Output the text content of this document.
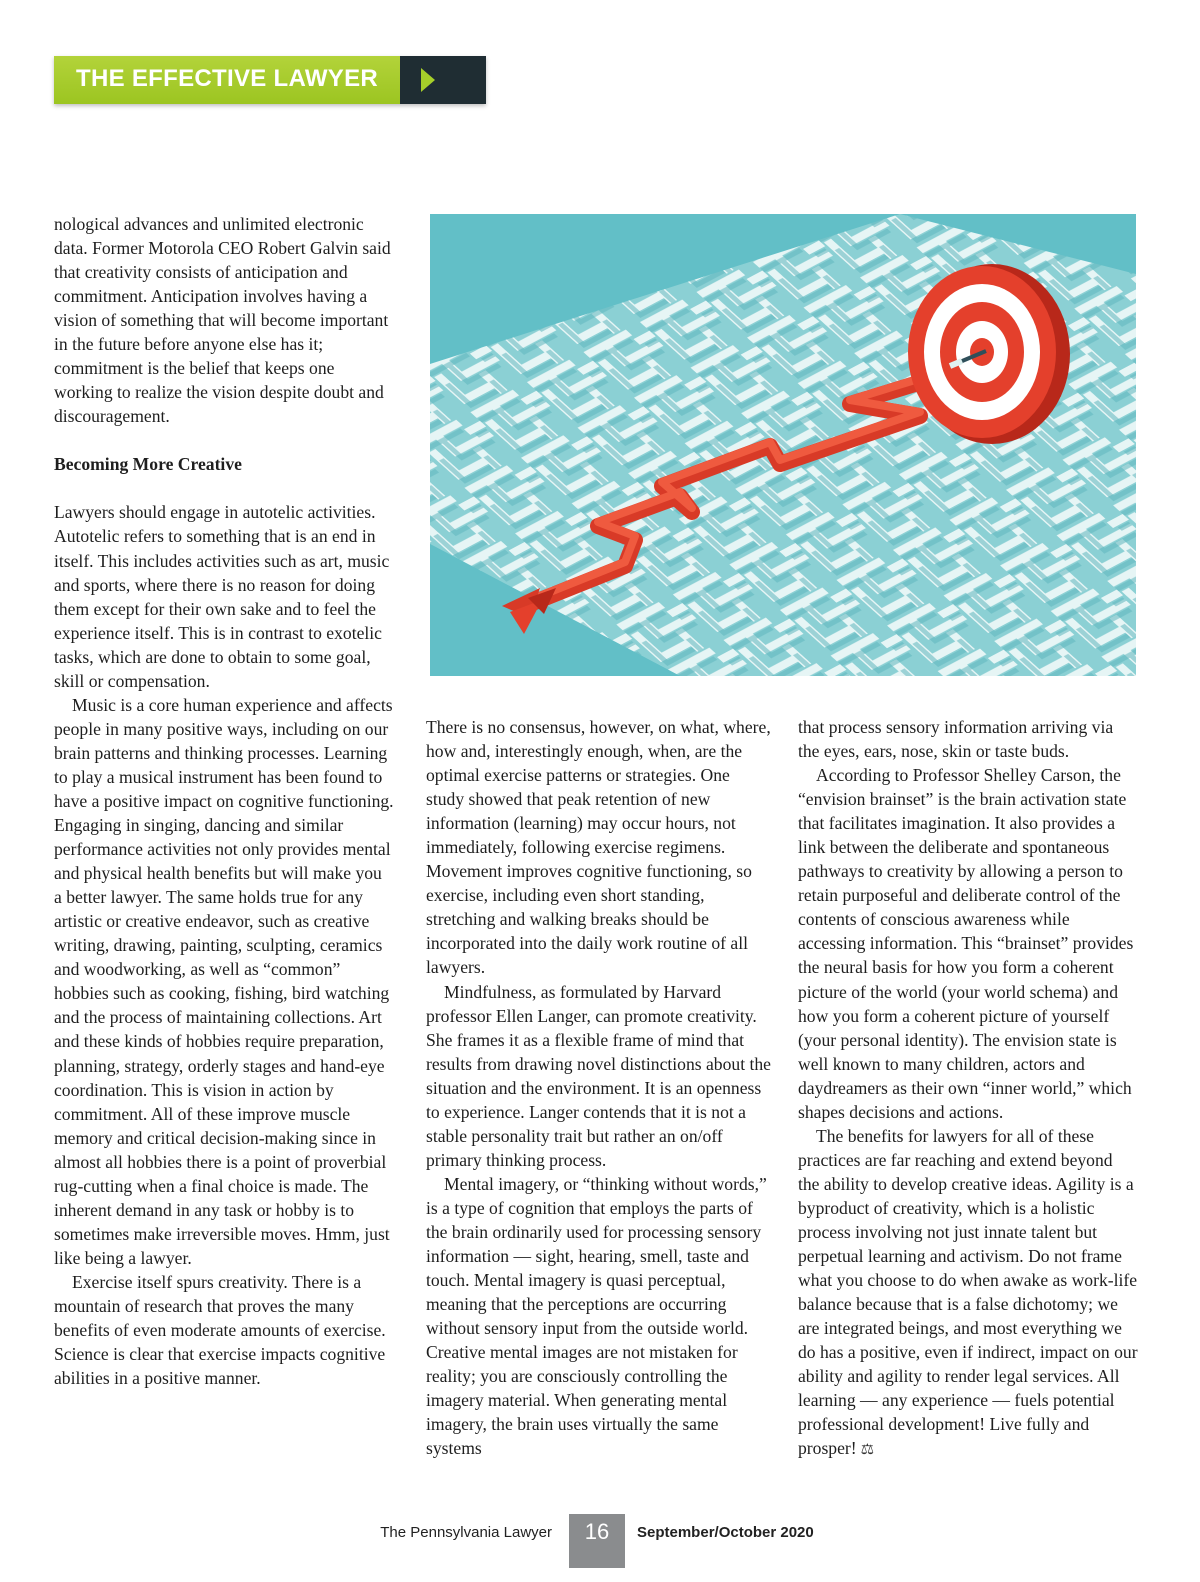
THE EFFECTIVE LAWYER

nological advances and unlimited electronic data. Former Motorola CEO Robert Galvin said that creativity consists of anticipation and commitment. Anticipation involves having a vision of something that will become important in the future before anyone else has it; commitment is the belief that keeps one working to realize the vision despite doubt and discouragement.

Becoming More Creative

Lawyers should engage in autotelic activities. Autotelic refers to something that is an end in itself. This includes activities such as art, music and sports, where there is no reason for doing them except for their own sake and to feel the experience itself. This is in contrast to exotelic tasks, which are done to obtain to some goal, skill or compensation.

Music is a core human experience and affects people in many positive ways, including on our brain patterns and thinking processes. Learning to play a musical instrument has been found to have a positive impact on cognitive functioning. Engaging in singing, dancing and similar performance activities not only provides mental and physical health benefits but will make you a better lawyer. The same holds true for any artistic or creative endeavor, such as creative writing, drawing, painting, sculpting, ceramics and woodworking, as well as “common” hobbies such as cooking, fishing, bird watching and the process of maintaining collections. Art and these kinds of hobbies require preparation, planning, strategy, orderly stages and hand-eye coordination. This is vision in action by commitment. All of these improve muscle memory and critical decision-making since in almost all hobbies there is a point of proverbial rug-cutting when a final choice is made. The inherent demand in any task or hobby is to sometimes make irreversible moves. Hmm, just like being a lawyer.

Exercise itself spurs creativity. There is a mountain of research that proves the many benefits of even moderate amounts of exercise. Science is clear that exercise impacts cognitive abilities in a positive manner.

There is no consensus, however, on what, where, how and, interestingly enough, when, are the optimal exercise patterns or strategies. One study showed that peak retention of new information (learning) may occur hours, not immediately, following exercise regimens. Movement improves cognitive functioning, so exercise, including even short standing, stretching and walking breaks should be incorporated into the daily work routine of all lawyers.

Mindfulness, as formulated by Harvard professor Ellen Langer, can promote creativity. She frames it as a flexible frame of mind that results from drawing novel distinctions about the situation and the environment. It is an openness to experience. Langer contends that it is not a stable personality trait but rather an on/off primary thinking process.

Mental imagery, or “thinking without words,” is a type of cognition that employs the parts of the brain ordinarily used for processing sensory information — sight, hearing, smell, taste and touch. Mental imagery is quasi perceptual, meaning that the perceptions are occurring without sensory input from the outside world. Creative mental images are not mistaken for reality; you are consciously controlling the imagery material. When generating mental imagery, the brain uses virtually the same systems

that process sensory information arriving via the eyes, ears, nose, skin or taste buds.

According to Professor Shelley Carson, the “envision brainset” is the brain activation state that facilitates imagination. It also provides a link between the deliberate and spontaneous pathways to creativity by allowing a person to retain purposeful and deliberate control of the contents of conscious awareness while accessing information. This “brainset” provides the neural basis for how you form a coherent picture of the world (your world schema) and how you form a coherent picture of yourself (your personal identity). The envision state is well known to many children, actors and daydreamers as their own “inner world,” which shapes decisions and actions.

The benefits for lawyers for all of these practices are far reaching and extend beyond the ability to develop creative ideas. Agility is a byproduct of creativity, which is a holistic process involving not just innate talent but perpetual learning and activism. Do not frame what you choose to do when awake as work-life balance because that is a false dichotomy; we are integrated beings, and most everything we do has a positive, even if indirect, impact on our ability and agility to render legal services. All learning — any experience — fuels potential professional development! Live fully and prosper! ⚖

The Pennsylvania Lawyer	16	September/October 2020
